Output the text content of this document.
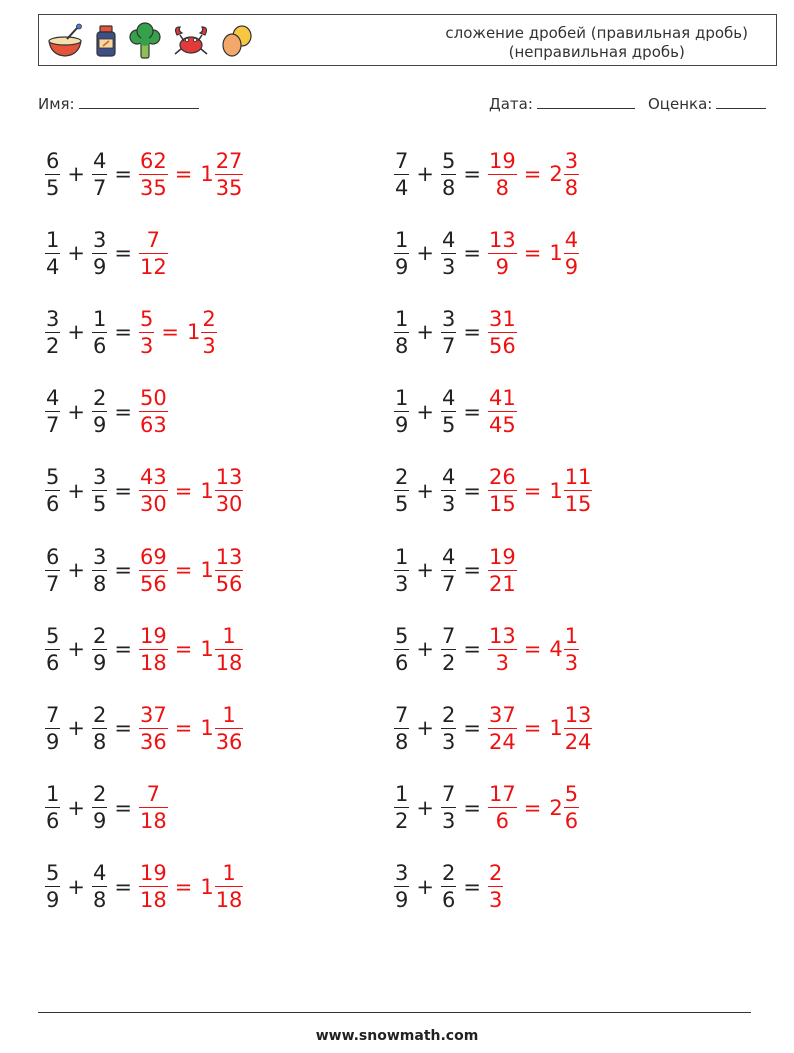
сложение дробей (правильная дробь)
(неправильная дробь)
Имя:	Дата:	Оценка:
$\frac{6}{5} + \frac{4}{7} = \frac{62}{35} = 1 \frac{27}{35}$	$\frac{7}{4} + \frac{5}{8} = \frac{19}{8} = 2 \frac{3}{8}$
$\frac{1}{4} + \frac{3}{9} = \frac{7}{12}$	$\frac{1}{9} + \frac{4}{3} = \frac{13}{9} = 1 \frac{4}{9}$
$\frac{3}{2} + \frac{1}{6} = \frac{5}{3} = 1 \frac{2}{3}$	$\frac{1}{8} + \frac{3}{7} = \frac{31}{56}$
$\frac{4}{7} + \frac{2}{9} = \frac{50}{63}$	$\frac{1}{9} + \frac{4}{5} = \frac{41}{45}$
$\frac{5}{6} + \frac{3}{5} = \frac{43}{30} = 1 \frac{13}{30}$	$\frac{2}{5} + \frac{4}{3} = \frac{26}{15} = 1 \frac{11}{15}$
$\frac{6}{7} + \frac{3}{8} = \frac{69}{56} = 1 \frac{13}{56}$	$\frac{1}{3} + \frac{4}{7} = \frac{19}{21}$
$\frac{5}{6} + \frac{2}{9} = \frac{19}{18} = 1 \frac{1}{18}$	$\frac{5}{6} + \frac{7}{2} = \frac{13}{3} = 4 \frac{1}{3}$
$\frac{7}{9} + \frac{2}{8} = \frac{37}{36} = 1 \frac{1}{36}$	$\frac{7}{8} + \frac{2}{3} = \frac{37}{24} = 1 \frac{13}{24}$
$\frac{1}{6} + \frac{2}{9} = \frac{7}{18}$	$\frac{1}{2} + \frac{7}{3} = \frac{17}{6} = 2 \frac{5}{6}$
$\frac{5}{9} + \frac{4}{8} = \frac{19}{18} = 1 \frac{1}{18}$	$\frac{3}{9} + \frac{2}{6} = \frac{2}{3}$
www.snowmath.com
